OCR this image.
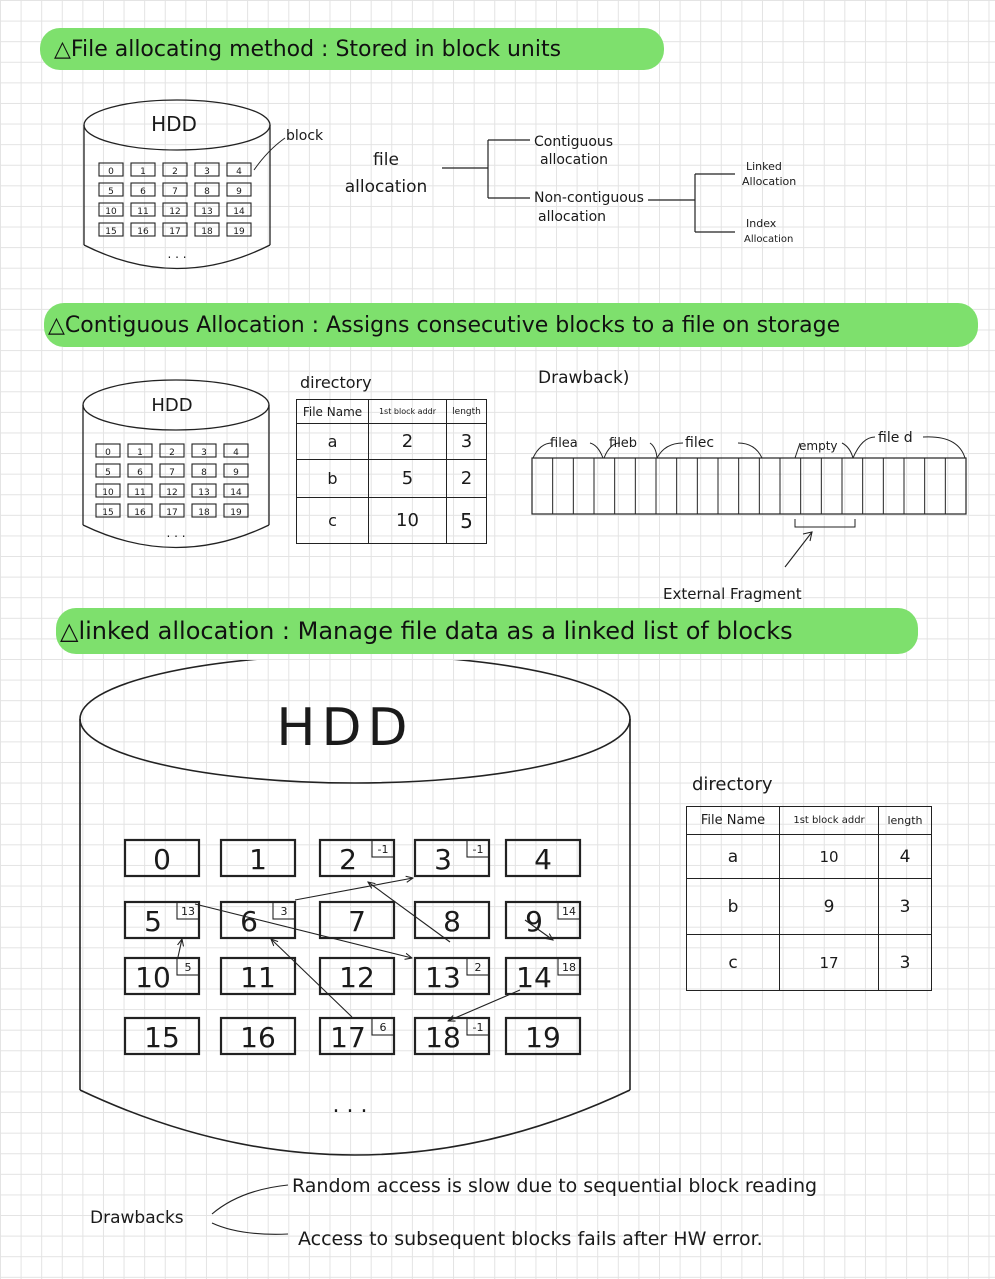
△File allocating method : Stored in block units
HDD
0	1	2	3	4
5	6	7	8	9
10 11 12 13 14
15 16 17 18 19
. . .
block
file
allocation
Contiguous
allocation
Non-contiguous
allocation
Linked
Allocation
Index
Allocation
△Contiguous Allocation : Assigns consecutive blocks to a file on storage
HDD
0	1	2	3	4
5	6	7	8	9
10 11 12 13 14
15 16 17 18 19
. . .
directory	Drawback)
filea fileb	filec	empty	file d
External Fragment
File Name	1st block addr	length
a	2	3
b	5	2
c	10	5
△linked allocation : Manage file data as a linked list of blocks
HDD
0	1	2 -1 3 -1 4
5 13 6 3 7	8 9 14
10 5 11 12 13 2 14 18
15 16 17 6 18 -1 19
. . .
directory
Drawbacks
Random access is slow due to sequential block reading
Access to subsequent blocks fails after HW error.
File Name	1st block addr	length
a	10	4
b	9	3
c	17	3
